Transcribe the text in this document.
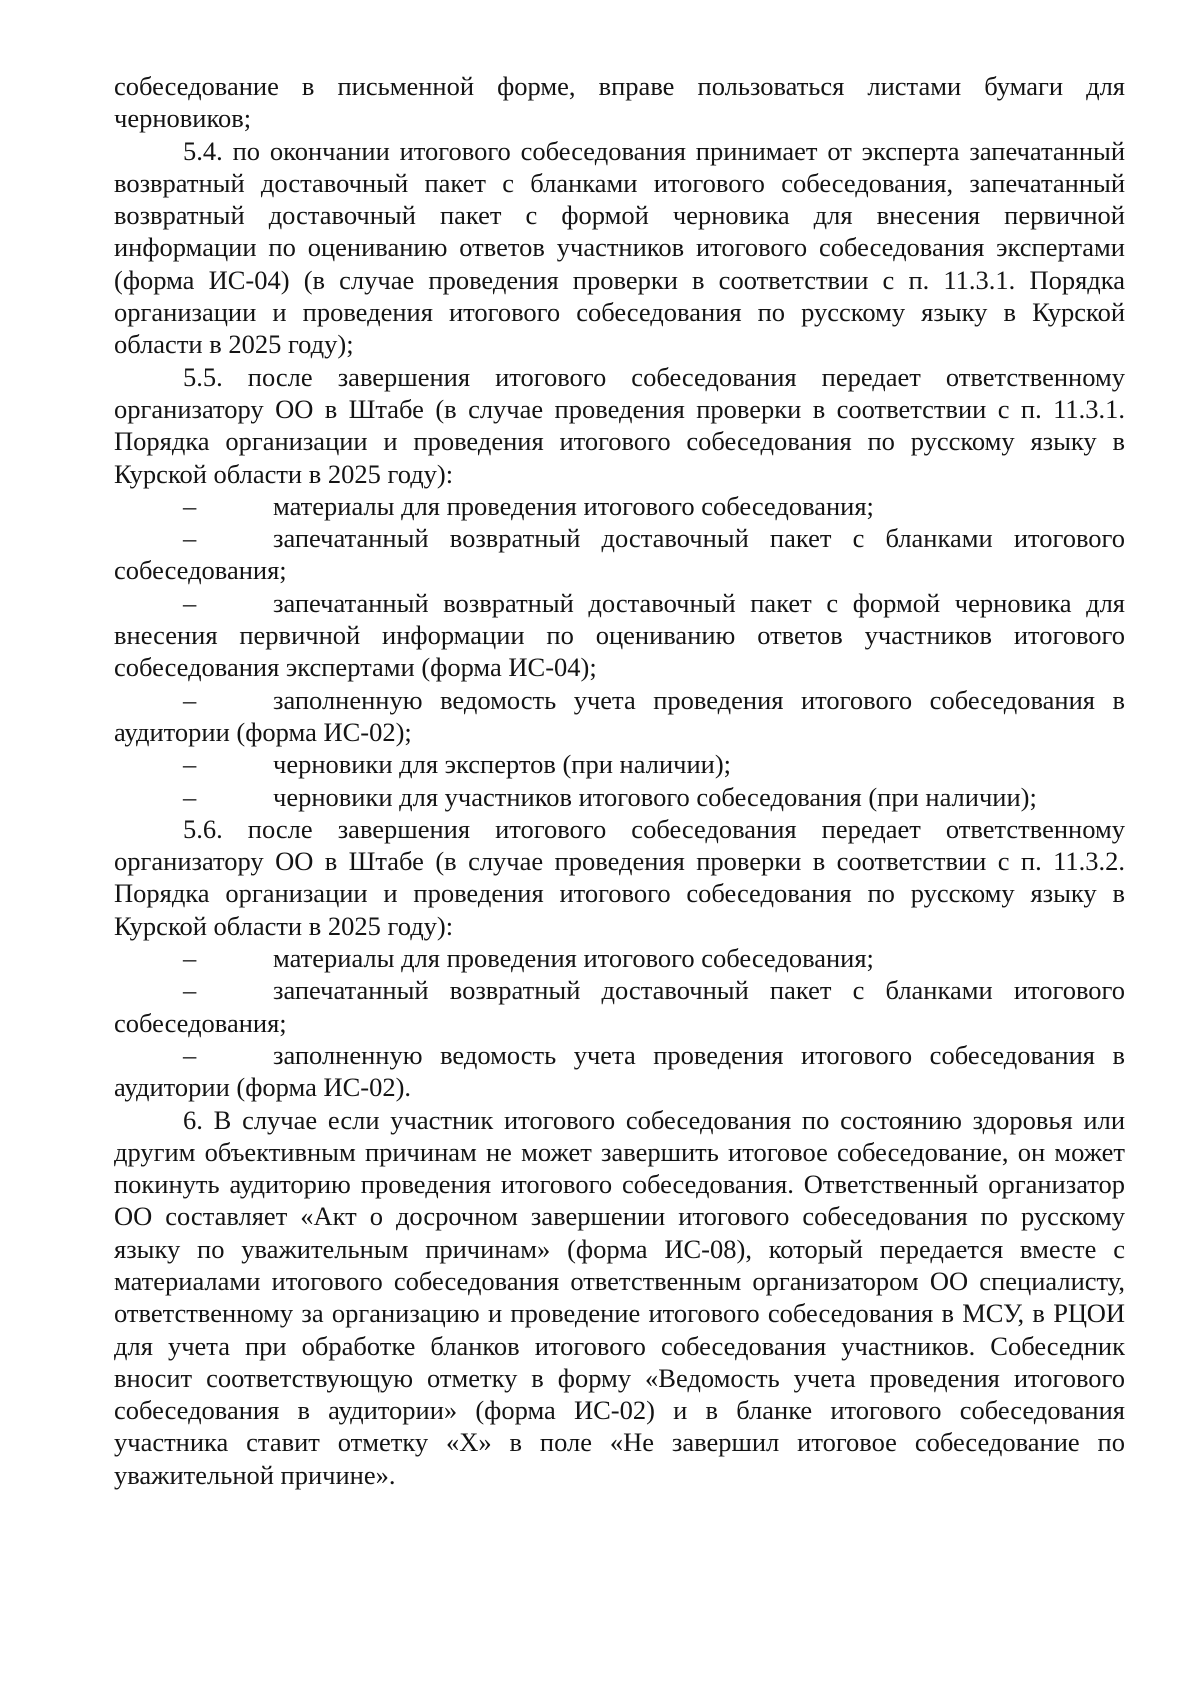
собеседование в письменной форме, вправе пользоваться листами бумаги для черновиков;

5.4. по окончании итогового собеседования принимает от эксперта запечатанный возвратный доставочный пакет с бланками итогового собеседования, запечатанный возвратный доставочный пакет с формой черновика для внесения первичной информации по оцениванию ответов участников итогового собеседования экспертами (форма ИС-04) (в случае проведения проверки в соответствии с п. 11.3.1. Порядка организации и проведения итогового собеседования по русскому языку в Курской области в 2025 году);

5.5. после завершения итогового собеседования передает ответственному организатору ОО в Штабе (в случае проведения проверки в соответствии с п. 11.3.1. Порядка организации и проведения итогового собеседования по русскому языку в Курской области в 2025 году):

–	материалы для проведения итогового собеседования;

–	запечатанный возвратный доставочный пакет с бланками итогового собеседования;

–	запечатанный возвратный доставочный пакет с формой черновика для внесения первичной информации по оцениванию ответов участников итогового собеседования экспертами (форма ИС-04);

–	заполненную ведомость учета проведения итогового собеседования в аудитории (форма ИС-02);

–	черновики для экспертов (при наличии);

–	черновики для участников итогового собеседования (при наличии);

5.6. после завершения итогового собеседования передает ответственному организатору ОО в Штабе (в случае проведения проверки в соответствии с п. 11.3.2. Порядка организации и проведения итогового собеседования по русскому языку в Курской области в 2025 году):

–	материалы для проведения итогового собеседования;

–	запечатанный возвратный доставочный пакет с бланками итогового собеседования;

–	заполненную ведомость учета проведения итогового собеседования в аудитории (форма ИС-02).

6. В случае если участник итогового собеседования по состоянию здоровья или другим объективным причинам не может завершить итоговое собеседование, он может покинуть аудиторию проведения итогового собеседования. Ответственный организатор ОО составляет «Акт о досрочном завершении итогового собеседования по русскому языку по уважительным причинам» (форма ИС-08), который передается вместе с материалами итогового собеседования ответственным организатором ОО специалисту, ответственному за организацию и проведение итогового собеседования в МСУ, в РЦОИ для учета при обработке бланков итогового собеседования участников. Собеседник вносит соответствующую отметку в форму «Ведомость учета проведения итогового собеседования в аудитории» (форма ИС-02) и в бланке итогового собеседования участника ставит отметку «Х» в поле «Не завершил итоговое собеседование по уважительной причине».
